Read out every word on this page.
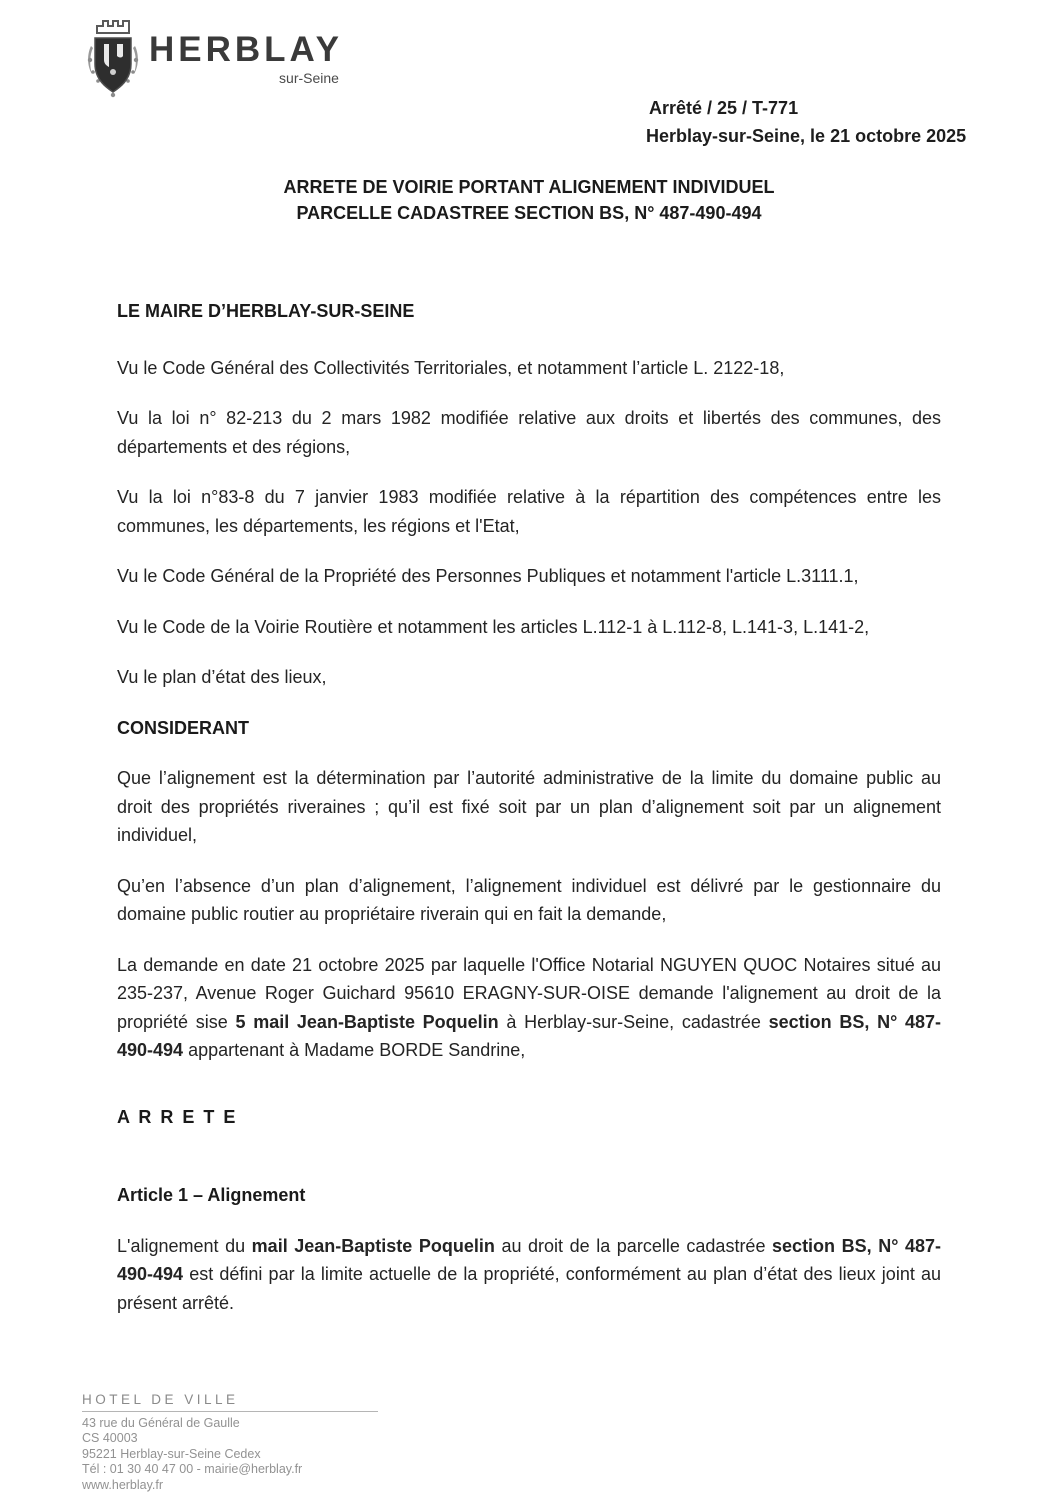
HERBLAY
sur-Seine
Arrêté / 25 / T-771
Herblay-sur-Seine, le 21 octobre 2025
ARRETE DE VOIRIE PORTANT ALIGNEMENT INDIVIDUEL
PARCELLE CADASTREE SECTION BS, N° 487-490-494

LE MAIRE D’HERBLAY-SUR-SEINE

Vu le Code Général des Collectivités Territoriales, et notamment l’article L. 2122-18,

Vu la loi n° 82-213 du 2 mars 1982 modifiée relative aux droits et libertés des communes, des départements et des régions,

Vu la loi n°83-8 du 7 janvier 1983 modifiée relative à la répartition des compétences entre les communes, les départements, les régions et l'Etat,

Vu le Code Général de la Propriété des Personnes Publiques et notamment l'article L.3111.1,

Vu le Code de la Voirie Routière et notamment les articles L.112-1 à L.112-8, L.141-3, L.141-2,

Vu le plan d’état des lieux,

CONSIDERANT

Que l’alignement est la détermination par l’autorité administrative de la limite du domaine public au droit des propriétés riveraines ; qu’il est fixé soit par un plan d’alignement soit par un alignement individuel,

Qu’en l’absence d’un plan d’alignement, l’alignement individuel est délivré par le gestionnaire du domaine public routier au propriétaire riverain qui en fait la demande,

La demande en date 21 octobre 2025 par laquelle l'Office Notarial NGUYEN QUOC Notaires situé au 235-237, Avenue Roger Guichard 95610 ERAGNY-SUR-OISE demande l'alignement au droit de la propriété sise 5 mail Jean-Baptiste Poquelin à Herblay-sur-Seine, cadastrée section BS, N° 487-490-494 appartenant à Madame BORDE Sandrine,

A R R E T E

Article 1 – Alignement

L'alignement du mail Jean-Baptiste Poquelin au droit de la parcelle cadastrée section BS, N° 487-490-494 est défini par la limite actuelle de la propriété, conformément au plan d’état des lieux joint au présent arrêté.

HOTEL DE VILLE
43 rue du Général de Gaulle
CS 40003
95221 Herblay-sur-Seine Cedex
Tél : 01 30 40 47 00 - mairie@herblay.fr
www.herblay.fr
